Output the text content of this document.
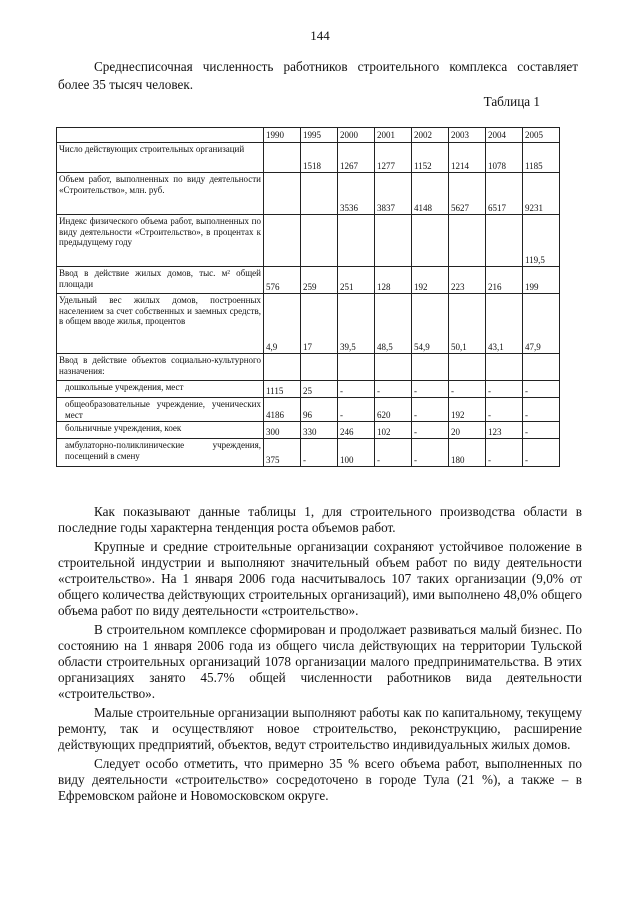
144

Среднесписочная численность работников строительного комплекса составляет более 35 тысяч человек.

Таблица 1
	1990	1995	2000	2001	2002	2003	2004	2005
Число действующих строительных организаций		1518	1267	1277	1152	1214	1078	1185
Объем работ, выполненных по виду деятельности «Строительство», млн. руб.			3536	3837	4148	5627	6517	9231
Индекс физического объема работ, выполненных по виду деятельности «Строительство», в процентах к предыдущему году								119,5
Ввод в действие жилых домов, тыс. м² общей площади	576	259	251	128	192	223	216	199
Удельный вес жилых домов, построенных населением за счет собственных и заемных средств, в общем вводе жилья, процентов	4,9	17	39,5	48,5	54,9	50,1	43,1	47,9
Ввод в действие объектов социально-культурного назначения:								
дошкольные учреждения, мест	1115	25	-	-	-	-	-	-
общеобразовательные учреждение, ученических мест	4186	96	-	620	-	192	-	-
больничные учреждения, коек	300	330	246	102	-	20	123	-
амбулаторно-поликлинические учреждения, посещений в смену	375	-	100	-	-	180	-	-

Как показывают данные таблицы 1, для строительного производства области в последние годы характерна тенденция роста объемов работ.

Крупные и средние строительные организации сохраняют устойчивое положение в строительной индустрии и выполняют значительный объем работ по виду деятельности «строительство». На 1 января 2006 года насчитывалось 107 таких организации (9,0% от общего количества действующих строительных организаций), ими выполнено 48,0% общего объема работ по виду деятельности «строительство».

В строительном комплексе сформирован и продолжает развиваться малый бизнес. По состоянию на 1 января 2006 года из общего числа действующих на территории Тульской области строительных организаций 1078 организации малого предпринимательства. В этих организациях занято 45.7% общей численности работников вида деятельности «строительство».

Малые строительные организации выполняют работы как по капитальному, текущему ремонту, так и осуществляют новое строительство, реконструкцию, расширение действующих предприятий, объектов, ведут строительство индивидуальных жилых домов.

Следует особо отметить, что примерно 35 % всего объема работ, выполненных по виду деятельности «строительство» сосредоточено в городе Тула (21 %), а также – в Ефремовском районе и Новомосковском округе.
